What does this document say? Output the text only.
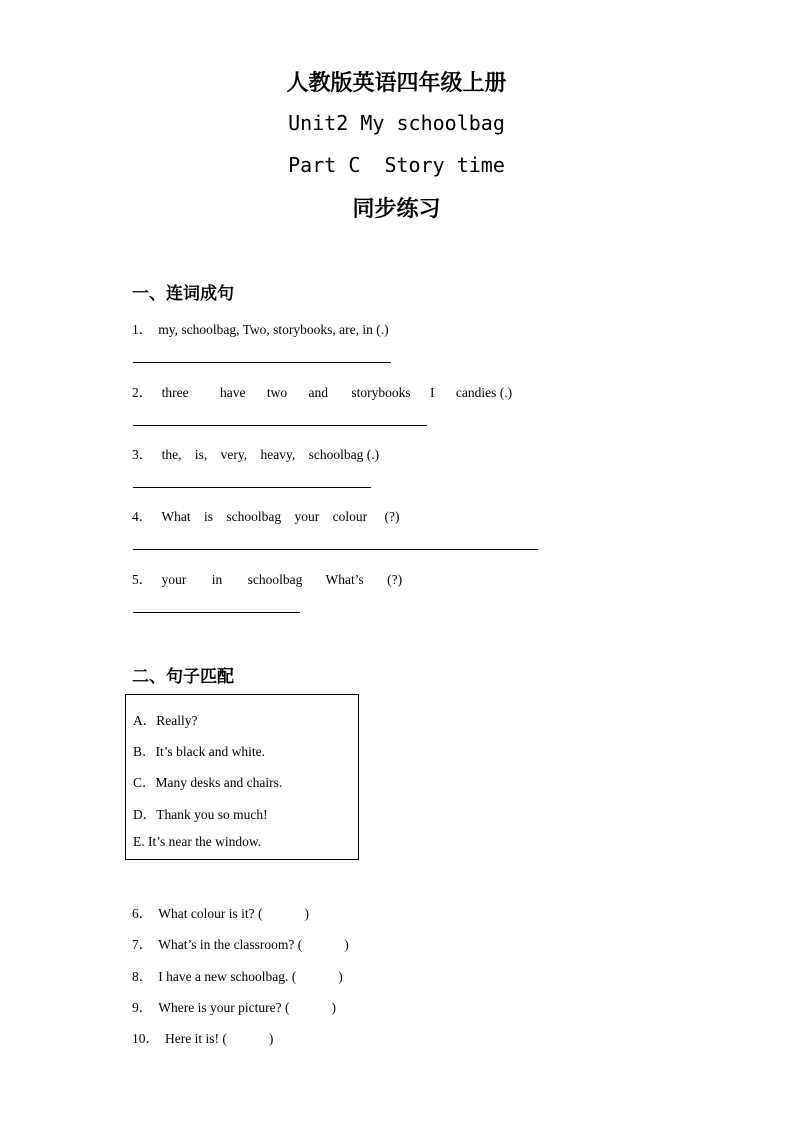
人教版英语四年级上册
Unit2 My schoolbag
Part C  Story time
同步练习
一、连词成句
1． my, schoolbag, Two, storybooks, are, in (.)
2． three have two and storybooks I candies (.)
3． the, is, very, heavy, schoolbag (.)
4． What is schoolbag your colour (?)
5． your in schoolbag What’s (?)
二、句子匹配
A．Really?
B．It’s black and white.
C．Many desks and chairs.
D．Thank you so much!
E. It’s near the window.
6． What colour is it? (	)
7． What’s in the classroom? (	)
8． I have a new schoolbag. (	)
9． Where is your picture? (	)
10． Here it is! (	)
